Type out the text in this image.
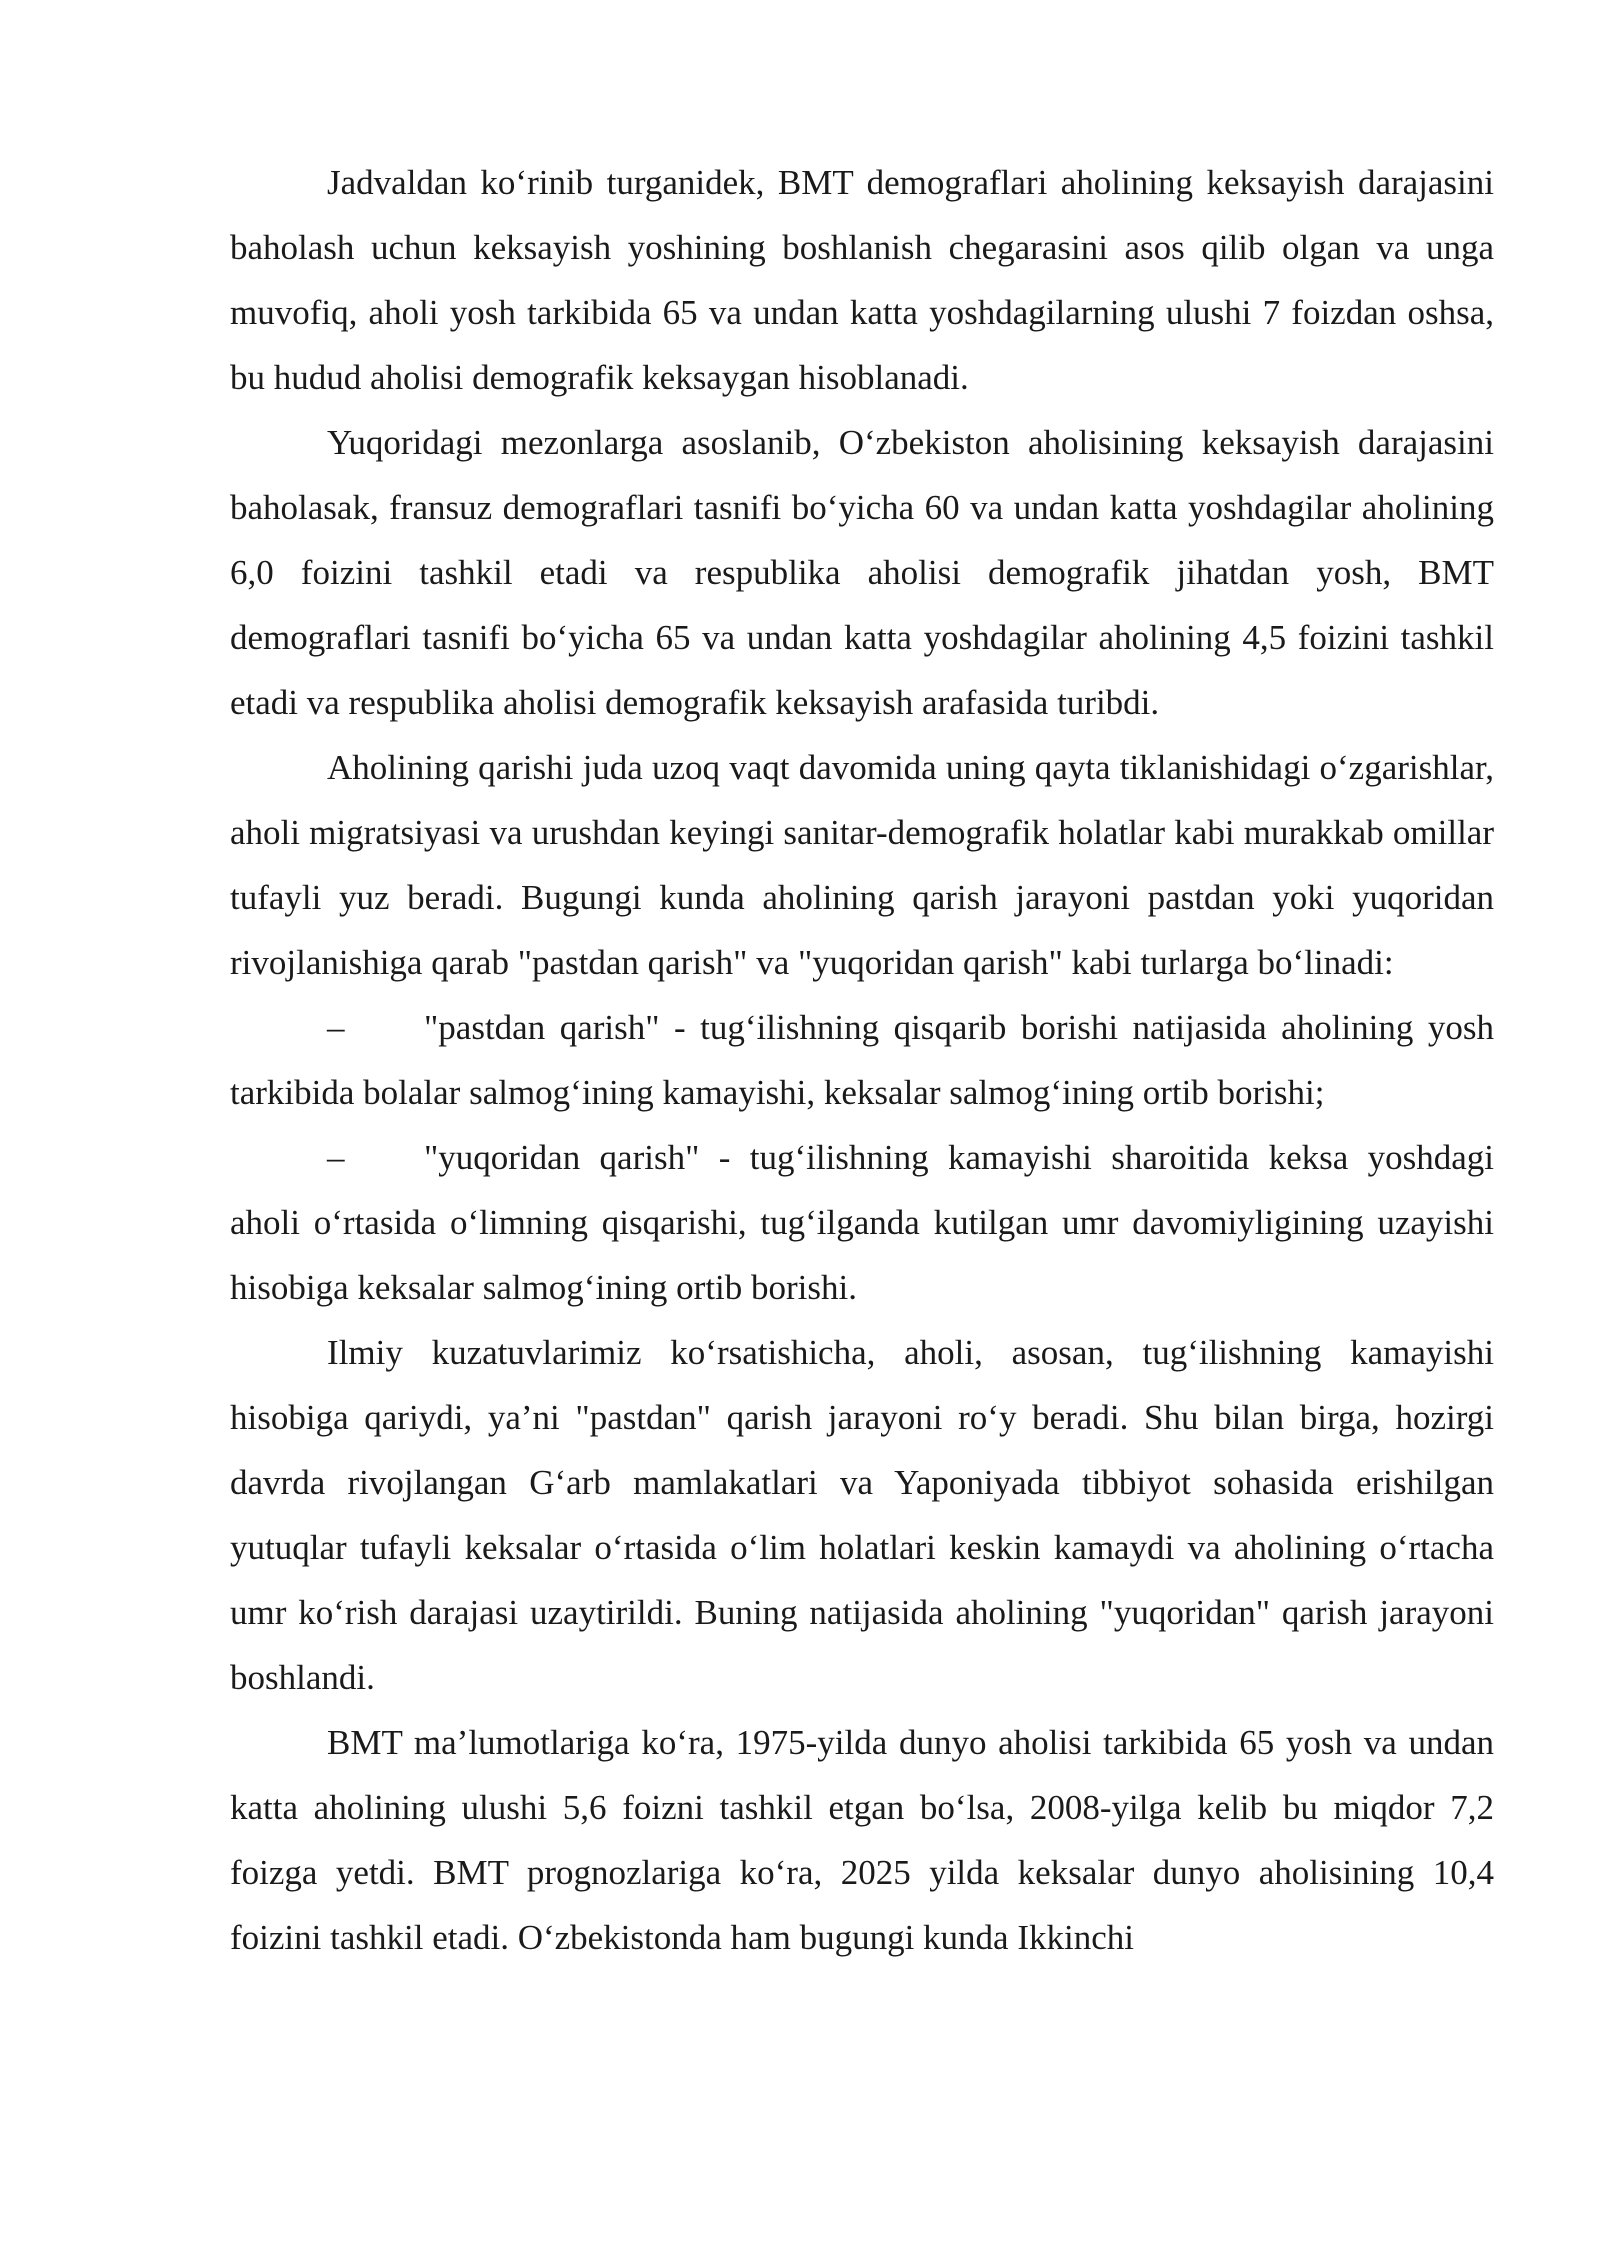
Jadvaldan ko‘rinib turganidek, BMT demograflari aholining keksayish darajasini baholash uchun keksayish yoshining boshlanish chegarasini asos qilib olgan va unga muvofiq, aholi yosh tarkibida 65 va undan katta yoshdagilarning ulushi 7 foizdan oshsa, bu hudud aholisi demografik keksaygan hisoblanadi.

Yuqoridagi mezonlarga asoslanib, O‘zbekiston aholisining keksayish darajasini baholasak, fransuz demograflari tasnifi bo‘yicha 60 va undan katta yoshdagilar aholining 6,0 foizini tashkil etadi va respublika aholisi demografik jihatdan yosh, BMT demograflari tasnifi bo‘yicha 65 va undan katta yoshdagilar aholining 4,5 foizini tashkil etadi va respublika aholisi demografik keksayish arafasida turibdi.

Aholining qarishi juda uzoq vaqt davomida uning qayta tiklanishidagi o‘zgarishlar, aholi migratsiyasi va urushdan keyingi sanitar-demografik holatlar kabi murakkab omillar tufayli yuz beradi. Bugungi kunda aholining qarish jarayoni pastdan yoki yuqoridan rivojlanishiga qarab "pastdan qarish" va "yuqoridan qarish" kabi turlarga bo‘linadi:

– "pastdan qarish" - tug‘ilishning qisqarib borishi natijasida aholining yosh tarkibida bolalar salmog‘ining kamayishi, keksalar salmog‘ining ortib borishi;

– "yuqoridan qarish" - tug‘ilishning kamayishi sharoitida keksa yoshdagi aholi o‘rtasida o‘limning qisqarishi, tug‘ilganda kutilgan umr davomiyligining uzayishi hisobiga keksalar salmog‘ining ortib borishi.

Ilmiy kuzatuvlarimiz ko‘rsatishicha, aholi, asosan, tug‘ilishning kamayishi hisobiga qariydi, ya’ni "pastdan" qarish jarayoni ro‘y beradi. Shu bilan birga, hozirgi davrda rivojlangan G‘arb mamlakatlari va Yaponiyada tibbiyot sohasida erishilgan yutuqlar tufayli keksalar o‘rtasida o‘lim holatlari keskin kamaydi va aholining o‘rtacha umr ko‘rish darajasi uzaytirildi. Buning natijasida aholining "yuqoridan" qarish jarayoni boshlandi.

BMT ma’lumotlariga ko‘ra, 1975-yilda dunyo aholisi tarkibida 65 yosh va undan katta aholining ulushi 5,6 foizni tashkil etgan bo‘lsa, 2008-yilga kelib bu miqdor 7,2 foizga yetdi. BMT prognozlariga ko‘ra, 2025 yilda keksalar dunyo aholisining 10,4 foizini tashkil etadi. O‘zbekistonda ham bugungi kunda Ikkinchi
